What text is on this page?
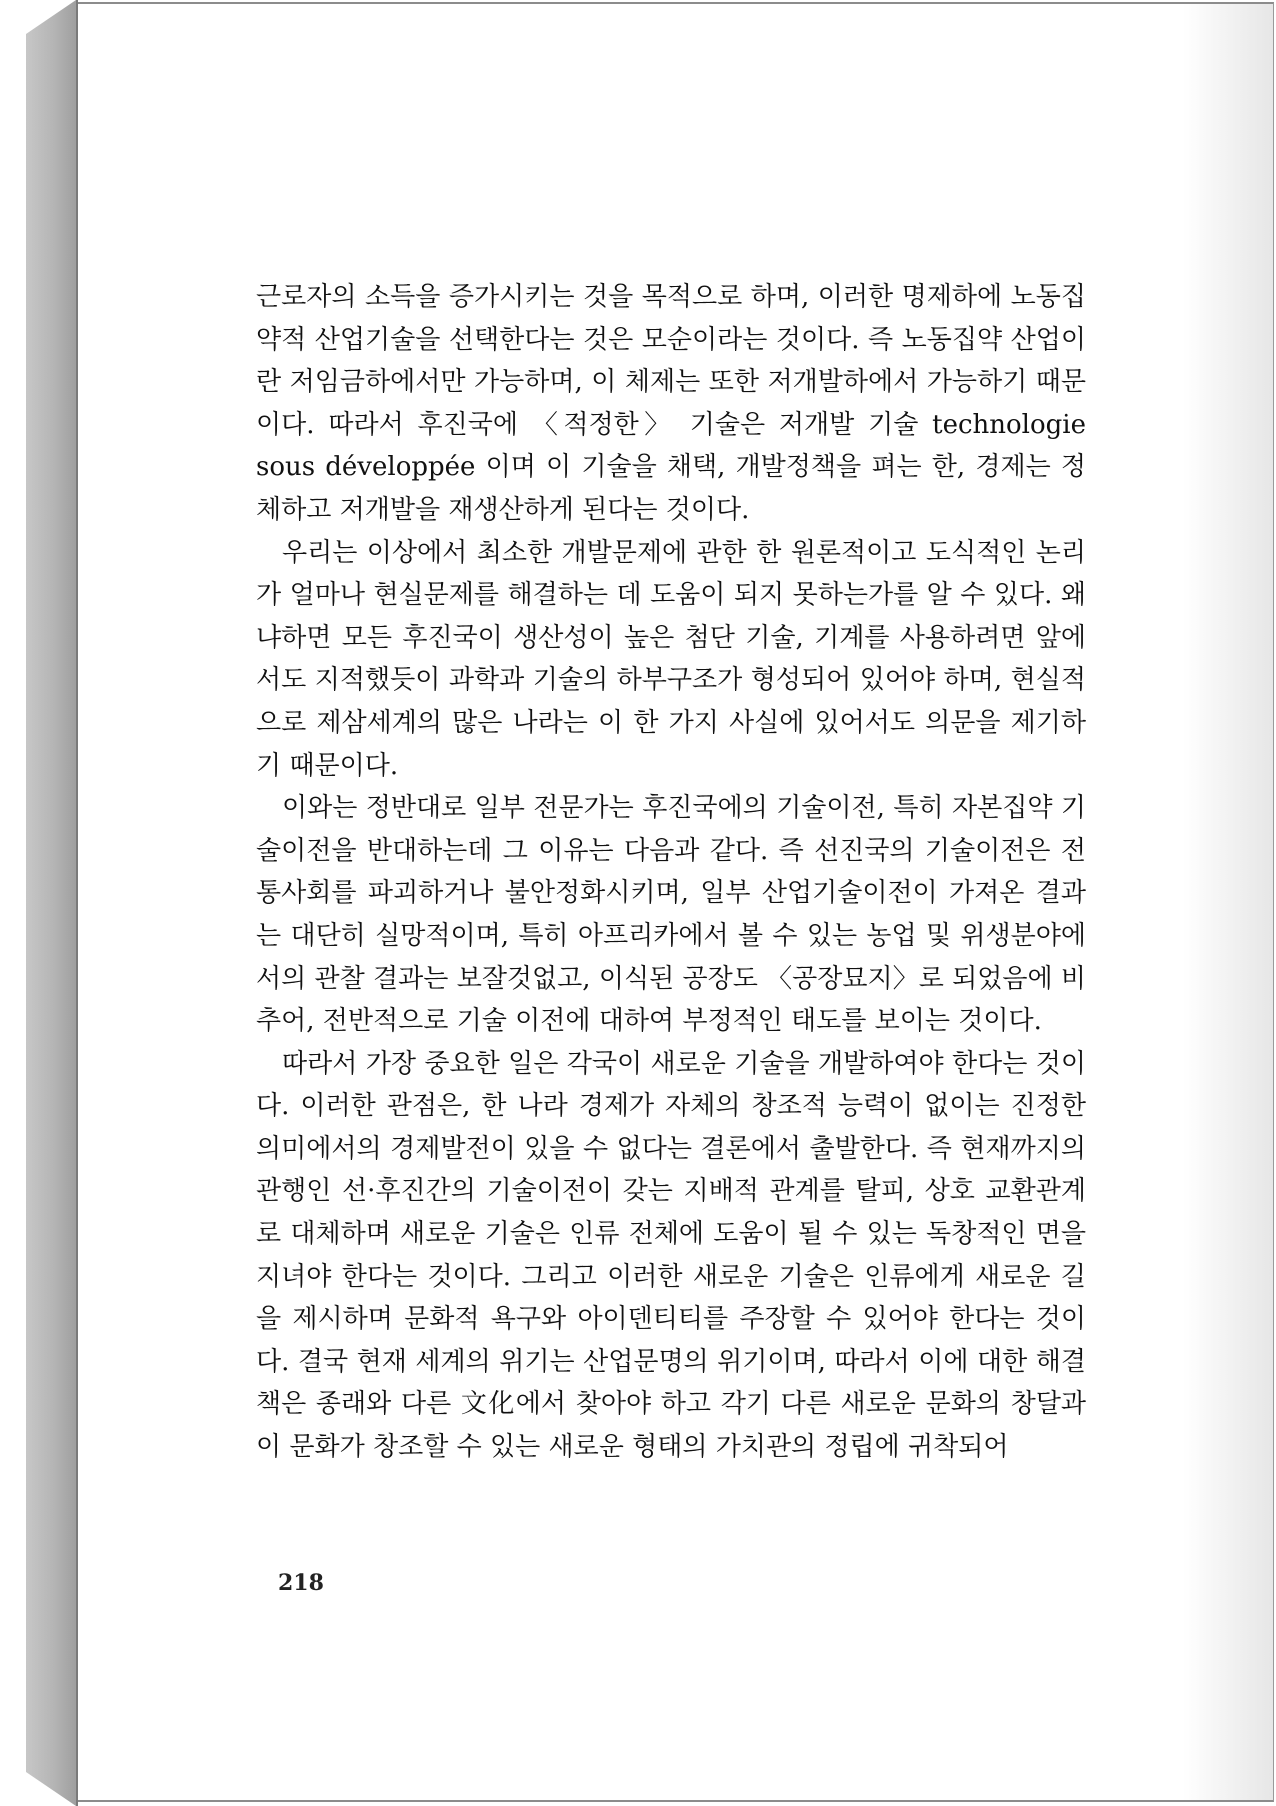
근로자의 소득을 증가시키는 것을 목적으로 하며, 이러한 명제하에 노동집약적 산업기술을 선택한다는 것은 모순이라는 것이다. 즉 노동집약 산업이란 저임금하에서만 가능하며, 이 체제는 또한 저개발하에서 가능하기 때문이다. 따라서 후진국에 〈적정한〉 기술은 저개발 기술 technologie sous développée 이며 이 기술을 채택, 개발정책을 펴는 한, 경제는 정체하고 저개발을 재생산하게 된다는 것이다.

우리는 이상에서 최소한 개발문제에 관한 한 원론적이고 도식적인 논리가 얼마나 현실문제를 해결하는 데 도움이 되지 못하는가를 알 수 있다. 왜냐하면 모든 후진국이 생산성이 높은 첨단 기술, 기계를 사용하려면 앞에서도 지적했듯이 과학과 기술의 하부구조가 형성되어 있어야 하며, 현실적으로 제삼세계의 많은 나라는 이 한 가지 사실에 있어서도 의문을 제기하기 때문이다.

이와는 정반대로 일부 전문가는 후진국에의 기술이전, 특히 자본집약 기술이전을 반대하는데 그 이유는 다음과 같다. 즉 선진국의 기술이전은 전통사회를 파괴하거나 불안정화시키며, 일부 산업기술이전이 가져온 결과는 대단히 실망적이며, 특히 아프리카에서 볼 수 있는 농업 및 위생분야에서의 관찰 결과는 보잘것없고, 이식된 공장도 〈공장묘지〉로 되었음에 비추어, 전반적으로 기술 이전에 대하여 부정적인 태도를 보이는 것이다.

따라서 가장 중요한 일은 각국이 새로운 기술을 개발하여야 한다는 것이다. 이러한 관점은, 한 나라 경제가 자체의 창조적 능력이 없이는 진정한 의미에서의 경제발전이 있을 수 없다는 결론에서 출발한다. 즉 현재까지의 관행인 선·후진간의 기술이전이 갖는 지배적 관계를 탈피, 상호 교환관계로 대체하며 새로운 기술은 인류 전체에 도움이 될 수 있는 독창적인 면을 지녀야 한다는 것이다. 그리고 이러한 새로운 기술은 인류에게 새로운 길을 제시하며 문화적 욕구와 아이덴티티를 주장할 수 있어야 한다는 것이다. 결국 현재 세계의 위기는 산업문명의 위기이며, 따라서 이에 대한 해결책은 종래와 다른 文化에서 찾아야 하고 각기 다른 새로운 문화의 창달과 이 문화가 창조할 수 있는 새로운 형태의 가치관의 정립에 귀착되어

218
